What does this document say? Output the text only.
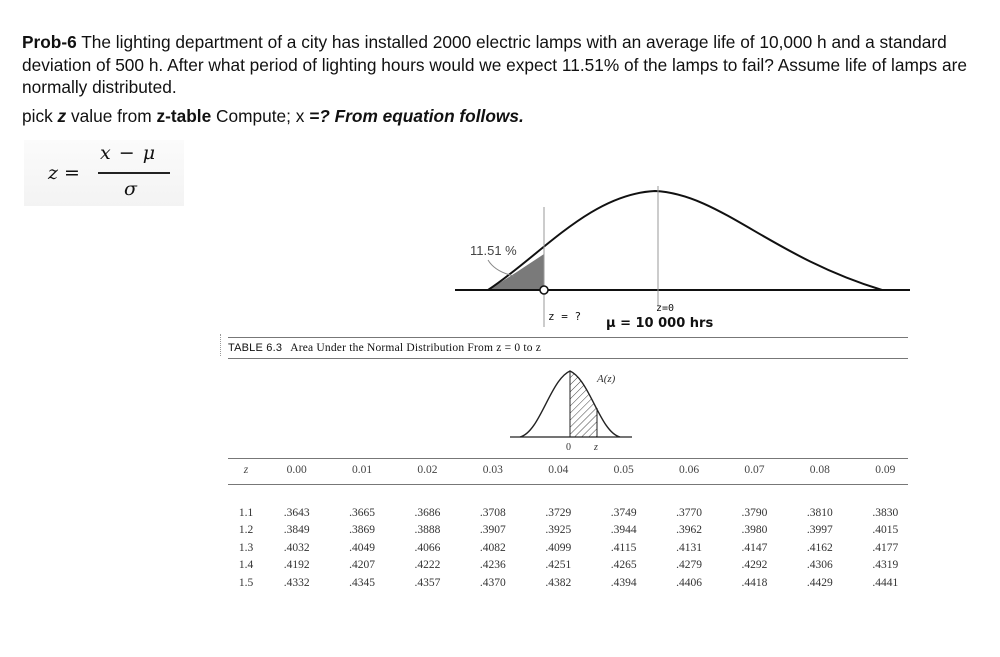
Prob-6 The lighting department of a city has installed 2000 electric lamps with an average life of 10,000 h and a standard deviation of 500 h. After what period of lighting hours would we expect 11.51% of the lamps to fail? Assume life of lamps are normally distributed.

pick z value from z-table Compute; x =? From equation follows.

z =
x − μ
σ
11.51 %
z = ?
z=0
μ = 10 000 hrs
A(z)
0 z
TABLE 6.3 Area Under the Normal Distribution From z = 0 to z
z	0.00	0.01	0.02	0.03	0.04	0.05	0.06	0.07	0.08	0.09

1.1	.3643	.3665	.3686	.3708	.3729	.3749	.3770	.3790	.3810	.3830
1.2	.3849	.3869	.3888	.3907	.3925	.3944	.3962	.3980	.3997	.4015
1.3	.4032	.4049	.4066	.4082	.4099	.4115	.4131	.4147	.4162	.4177
1.4	.4192	.4207	.4222	.4236	.4251	.4265	.4279	.4292	.4306	.4319
1.5	.4332	.4345	.4357	.4370	.4382	.4394	.4406	.4418	.4429	.4441
